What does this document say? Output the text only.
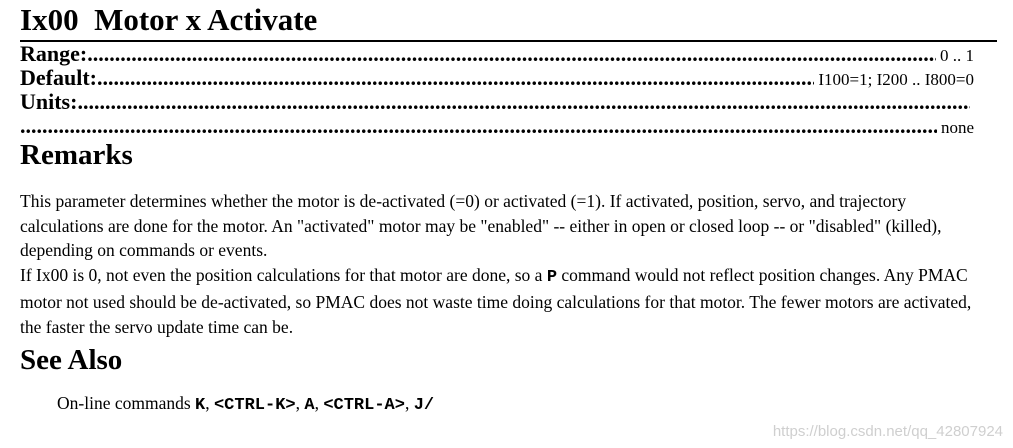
Ix00  Motor x Activate
Range: .....	0 .. 1
Default: .....	I100=1; I200 .. I800=0
Units:
.....
.....
none
Remarks

This parameter determines whether the motor is de-activated (=0) or activated (=1). If activated, position, servo, and trajectory calculations are done for the motor. An "activated" motor may be "enabled" -- either in open or closed loop -- or "disabled" (killed), depending on commands or events.

If Ix00 is 0, not even the position calculations for that motor are done, so a P command would not reflect position changes. Any PMAC motor not used should be de-activated, so PMAC does not waste time doing calculations for that motor. The fewer motors are activated, the faster the servo update time can be.

See Also
On-line commands K, <CTRL-K>, A, <CTRL-A>, J/
https://blog.csdn.net/qq_42807924
